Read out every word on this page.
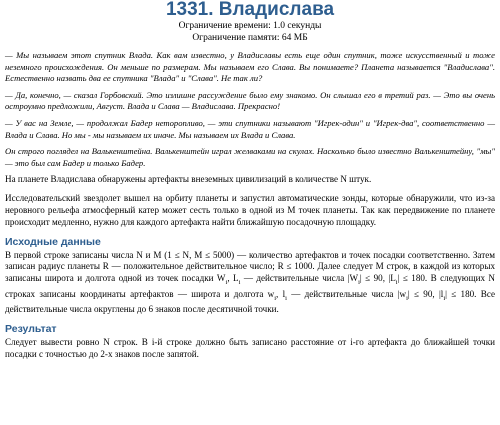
1331. Владислава
Ограничение времени: 1.0 секунды
Ограничение памяти: 64 МБ

— Мы называем этот спутник Влада. Как вам известно, у Владиславы есть еще один спутник, тоже искусственный и тоже неземного происхождения. Он меньше по размерам. Мы называем его Слава. Вы понимаете? Планета называется "Владислава". Естественно назвать два ее спутника "Влада" и "Слава". Не так ли?

— Да, конечно, — сказал Горбовский. Это излишне рассуждение было ему знакомо. Он слышал его в третий раз. — Это вы очень остроумно предложили, Август. Влада и Слава — Владислава. Прекрасно!

— У вас на Земле, — продолжал Бадер неторопливо, — эти спутники называют "Игрек-один" и "Игрек-два", соответственно — Влада и Слава. Но мы - мы называем их иначе. Мы называем их Влада и Слава.

Он строго поглядел на Валькенштейна. Валькенштейн играл желваками на скулах. Насколько было известно Валькенштейну, "мы" — это был сам Бадер и только Бадер.

На планете Владислава обнаружены артефакты внеземных цивилизаций в количестве N штук.

Исследовательский звездолет вышел на орбиту планеты и запустил автоматические зонды, которые обнаружили, что из-за неровного рельефа атмосферный катер может сесть только в одной из M точек планеты. Так как передвижение по планете происходит медленно, нужно для каждого артефакта найти ближайшую посадочную площадку.

Исходные данные

В первой строке записаны числа N и M (1 ≤ N, M ≤ 5000) — количество артефактов и точек посадки соответственно. Затем записан радиус планеты R — положительное действительное число; R ≤ 1000. Далее следует M строк, в каждой из которых записаны широта и долгота одной из точек посадки $W_i$, $L_i$ — действительные числа $|W_i| \le 90$, $|L_i| \le 180$. В следующих N строках записаны координаты артефактов — широта и долгота $w_i$, $l_i$ — действительные числа $|w_i| \le 90$, $|l_i| \le 180$. Все действительные числа округлены до 6 знаков после десятичной точки.

Результат

Следует вывести ровно N строк. В i-й строке должно быть записано расстояние от i-го артефакта до ближайшей точки посадки с точностью до 2-х знаков после запятой.
